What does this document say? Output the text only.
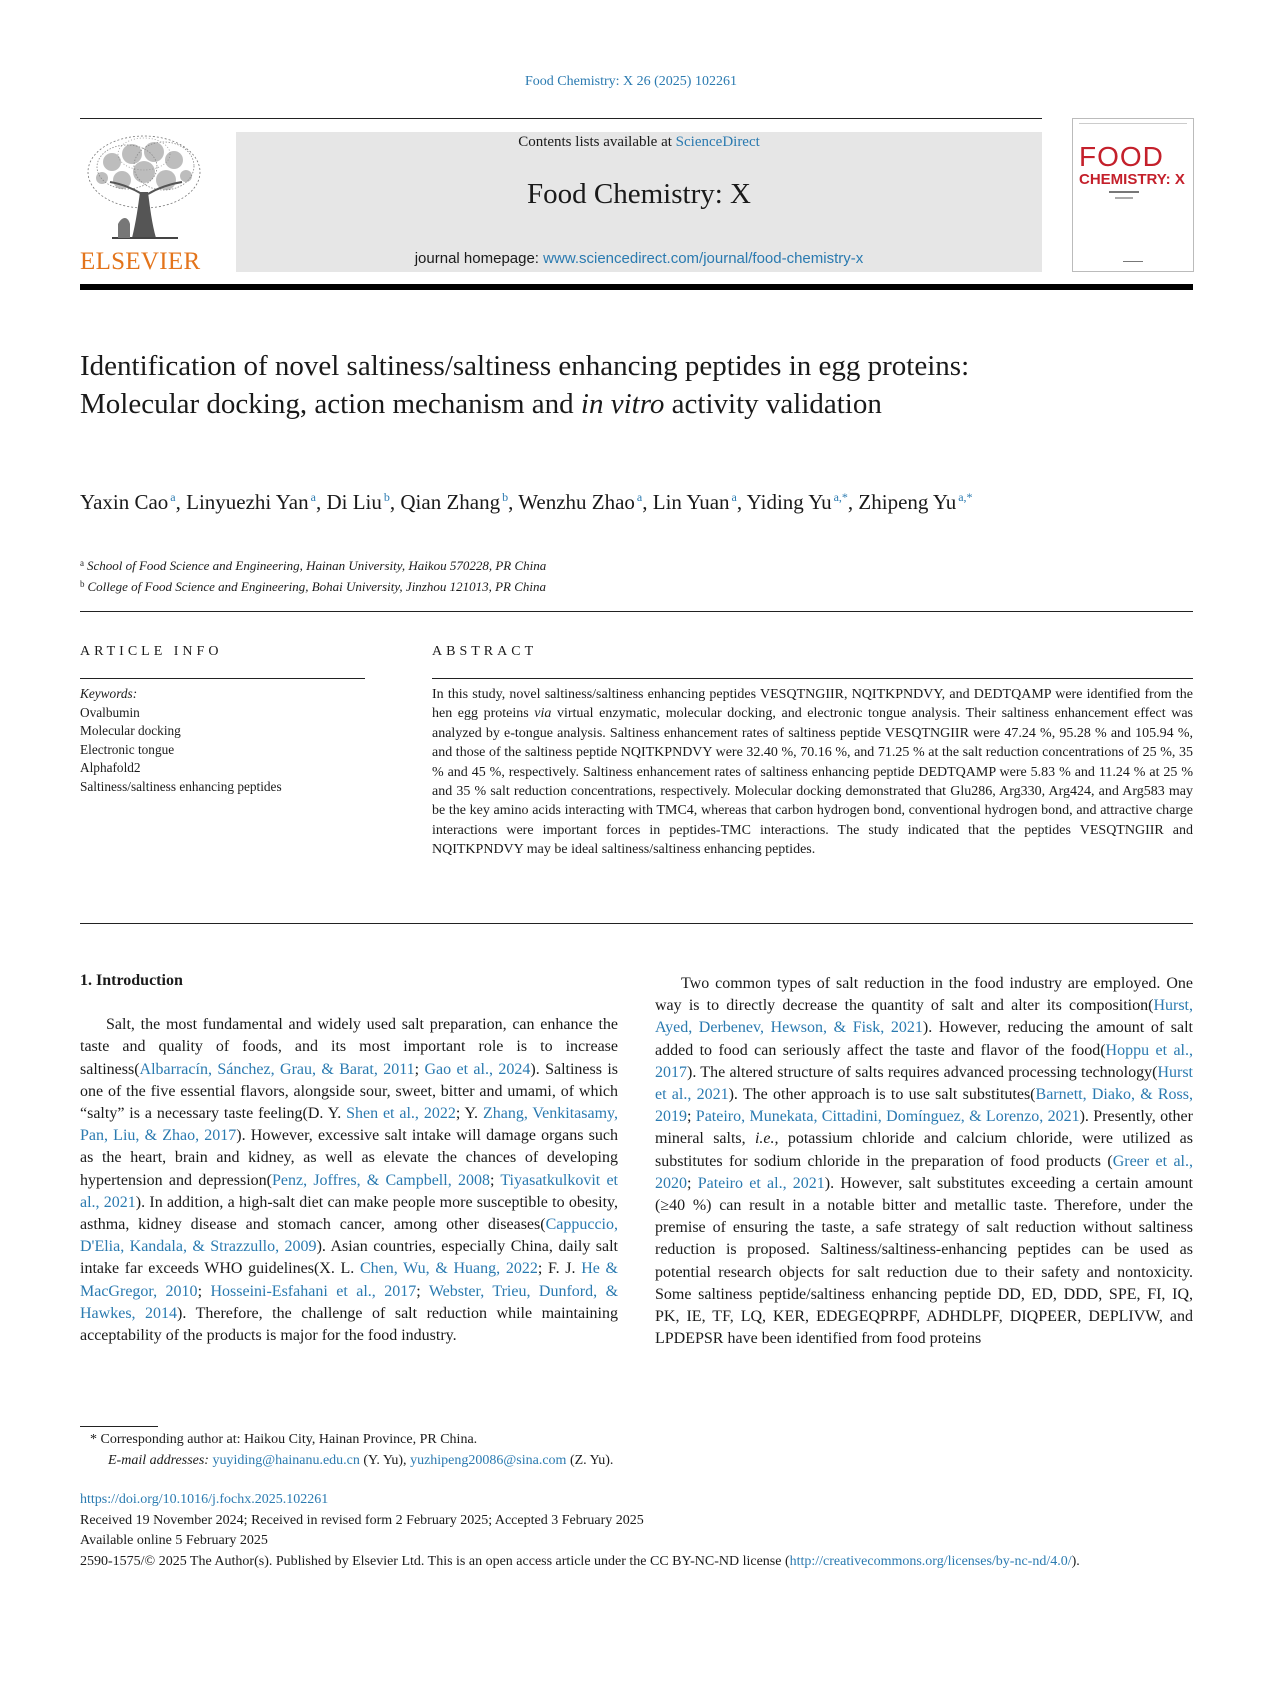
Food Chemistry: X 26 (2025) 102261
ELSEVIER
Contents lists available at ScienceDirect
Food Chemistry: X
journal homepage: www.sciencedirect.com/journal/food-chemistry-x
FOOD
CHEMISTRY: X
Identification of novel saltiness/saltiness enhancing peptides in egg proteins: Molecular docking, action mechanism and in vitro activity validation
Yaxin Cao $^a$, Linyuezhi Yan $^a$, Di Liu $^b$, Qian Zhang $^b$, Wenzhu Zhao $^a$, Lin Yuan $^a$, Yiding Yu $^{a,*}$, Zhipeng Yu $^{a,*}$
$^a$ School of Food Science and Engineering, Hainan University, Haikou 570228, PR China
$^b$ College of Food Science and Engineering, Bohai University, Jinzhou 121013, PR China
ARTICLE INFO	ABSTRACT
Keywords:
Ovalbumin
Molecular docking
Electronic tongue
Alphafold2
Saltiness/saltiness enhancing peptides
In this study, novel saltiness/saltiness enhancing peptides VESQTNGIIR, NQITKPNDVY, and DEDTQAMP were identified from the hen egg proteins via virtual enzymatic, molecular docking, and electronic tongue analysis. Their saltiness enhancement effect was analyzed by e-tongue analysis. Saltiness enhancement rates of saltiness peptide VESQTNGIIR were 47.24 %, 95.28 % and 105.94 %, and those of the saltiness peptide NQITKPNDVY were 32.40 %, 70.16 %, and 71.25 % at the salt reduction concentrations of 25 %, 35 % and 45 %, respectively. Saltiness enhancement rates of saltiness enhancing peptide DEDTQAMP were 5.83 % and 11.24 % at 25 % and 35 % salt reduction concentrations, respectively. Molecular docking demonstrated that Glu286, Arg330, Arg424, and Arg583 may be the key amino acids interacting with TMC4, whereas that carbon hydrogen bond, conventional hydrogen bond, and attractive charge interactions were important forces in peptides-TMC interactions. The study indicated that the peptides VESQTNGIIR and NQITKPNDVY may be ideal saltiness/saltiness enhancing peptides.
1. Introduction

Salt, the most fundamental and widely used salt preparation, can enhance the taste and quality of foods, and its most important role is to increase saltiness(Albarracín, Sánchez, Grau, & Barat, 2011; Gao et al., 2024). Saltiness is one of the five essential flavors, alongside sour, sweet, bitter and umami, of which “salty” is a necessary taste feeling(D. Y. Shen et al., 2022; Y. Zhang, Venkitasamy, Pan, Liu, & Zhao, 2017). However, excessive salt intake will damage organs such as the heart, brain and kidney, as well as elevate the chances of developing hypertension and depression(Penz, Joffres, & Campbell, 2008; Tiyasatkulkovit et al., 2021). In addition, a high-salt diet can make people more susceptible to obesity, asthma, kidney disease and stomach cancer, among other diseases(Cappuccio, D'Elia, Kandala, & Strazzullo, 2009). Asian countries, especially China, daily salt intake far exceeds WHO guidelines(X. L. Chen, Wu, & Huang, 2022; F. J. He & MacGregor, 2010; Hosseini-Esfahani et al., 2017; Webster, Trieu, Dunford, & Hawkes, 2014). Therefore, the challenge of salt reduction while maintaining acceptability of the products is major for the food industry.

Two common types of salt reduction in the food industry are employed. One way is to directly decrease the quantity of salt and alter its composition(Hurst, Ayed, Derbenev, Hewson, & Fisk, 2021). However, reducing the amount of salt added to food can seriously affect the taste and flavor of the food(Hoppu et al., 2017). The altered structure of salts requires advanced processing technology(Hurst et al., 2021). The other approach is to use salt substitutes(Barnett, Diako, & Ross, 2019; Pateiro, Munekata, Cittadini, Domínguez, & Lorenzo, 2021). Presently, other mineral salts, i.e., potassium chloride and calcium chloride, were utilized as substitutes for sodium chloride in the preparation of food products (Greer et al., 2020; Pateiro et al., 2021). However, salt substitutes exceeding a certain amount (≥40 %) can result in a notable bitter and metallic taste. Therefore, under the premise of ensuring the taste, a safe strategy of salt reduction without saltiness reduction is proposed. Saltiness/saltiness-enhancing peptides can be used as potential research objects for salt reduction due to their safety and nontoxicity. Some saltiness peptide/saltiness enhancing peptide DD, ED, DDD, SPE, FI, IQ, PK, IE, TF, LQ, KER, EDEGEQPRPF, ADHDLPF, DIQPEER, DEPLIVW, and LPDEPSR have been identified from food proteins

* Corresponding author at: Haikou City, Hainan Province, PR China.
E-mail addresses: yuyiding@hainanu.edu.cn (Y. Yu), yuzhipeng20086@sina.com (Z. Yu).
https://doi.org/10.1016/j.fochx.2025.102261
Received 19 November 2024; Received in revised form 2 February 2025; Accepted 3 February 2025
Available online 5 February 2025
2590-1575/© 2025 The Author(s). Published by Elsevier Ltd. This is an open access article under the CC BY-NC-ND license (http://creativecommons.org/licenses/by-nc-nd/4.0/).
